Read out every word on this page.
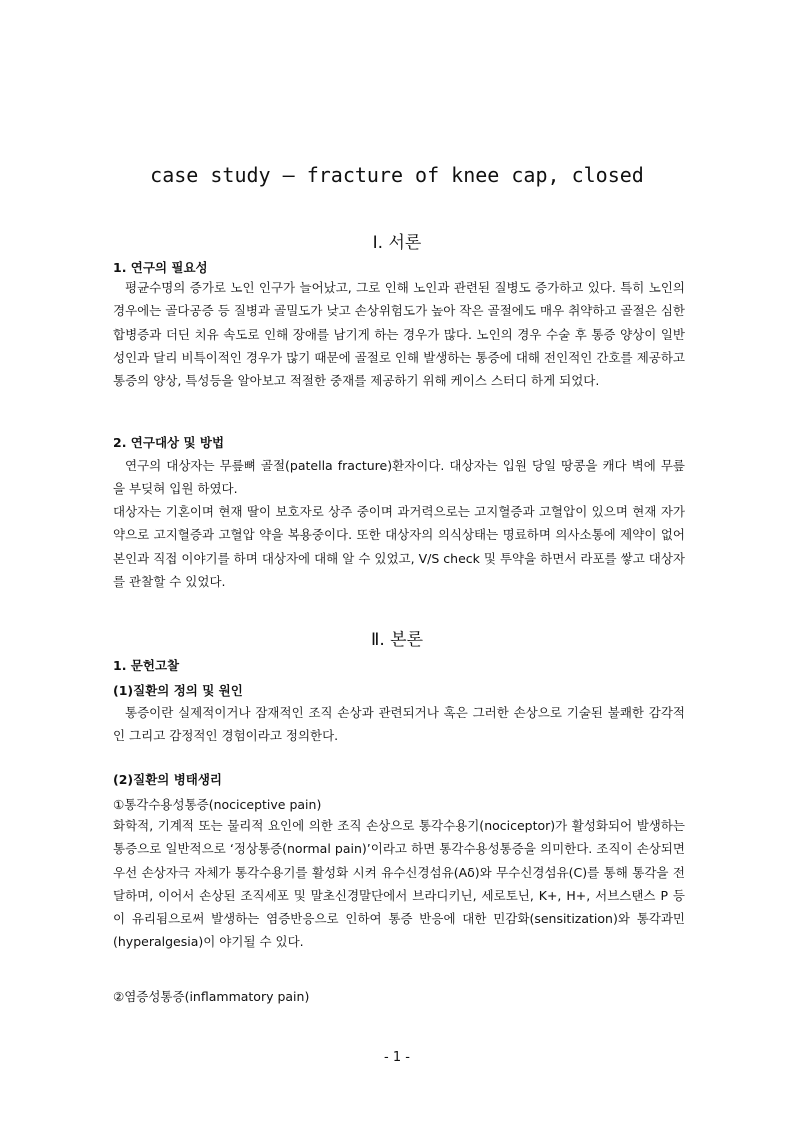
case study – fracture of knee cap, closed
Ⅰ. 서론
1. 연구의 필요성

평균수명의 증가로 노인 인구가 늘어났고, 그로 인해 노인과 관련된 질병도 증가하고 있다. 특히 노인의 경우에는 골다공증 등 질병과 골밀도가 낮고 손상위험도가 높아 작은 골절에도 매우 취약하고 골절은 심한 합병증과 더딘 치유 속도로 인해 장애를 남기게 하는 경우가 많다. 노인의 경우 수술 후 통증 양상이 일반 성인과 달리 비특이적인 경우가 많기 때문에 골절로 인해 발생하는 통증에 대해 전인적인 간호를 제공하고 통증의 양상, 특성등을 알아보고 적절한 중재를 제공하기 위해 케이스 스터디 하게 되었다.

2. 연구대상 및 방법

연구의 대상자는 무릎뼈 골절(patella fracture)환자이다. 대상자는 입원 당일 땅콩을 캐다 벽에 무릎을 부딪혀 입원 하였다.

대상자는 기혼이며 현재 딸이 보호자로 상주 중이며 과거력으로는 고지혈증과 고혈압이 있으며 현재 자가약으로 고지혈증과 고혈압 약을 복용중이다. 또한 대상자의 의식상태는 명료하며 의사소통에 제약이 없어 본인과 직접 이야기를 하며 대상자에 대해 알 수 있었고, V/S check 및 투약을 하면서 라포를 쌓고 대상자를 관찰할 수 있었다.

Ⅱ. 본론
1. 문헌고찰
(1)질환의 정의 및 원인

통증이란 실제적이거나 잠재적인 조직 손상과 관련되거나 혹은 그러한 손상으로 기술된 불쾌한 감각적인 그리고 감정적인 경험이라고 정의한다.

(2)질환의 병태생리
①통각수용성통증(nociceptive pain)

화학적, 기계적 또는 물리적 요인에 의한 조직 손상으로 통각수용기(nociceptor)가 활성화되어 발생하는 통증으로 일반적으로 ‘정상통증(normal pain)’이라고 하면 통각수용성통증을 의미한다. 조직이 손상되면 우선 손상자극 자체가 통각수용기를 활성화 시켜 유수신경섬유(Aδ)와 무수신경섬유(C)를 통해 통각을 전달하며, 이어서 손상된 조직세포 및 말초신경말단에서 브라디키닌, 세로토닌, K+, H+, 서브스탠스 P 등이 유리됨으로써 발생하는 염증반응으로 인하여 통증 반응에 대한 민감화(sensitization)와 통각과민(hyperalgesia)이 야기될 수 있다.

②염증성통증(inflammatory pain)
- 1 -
